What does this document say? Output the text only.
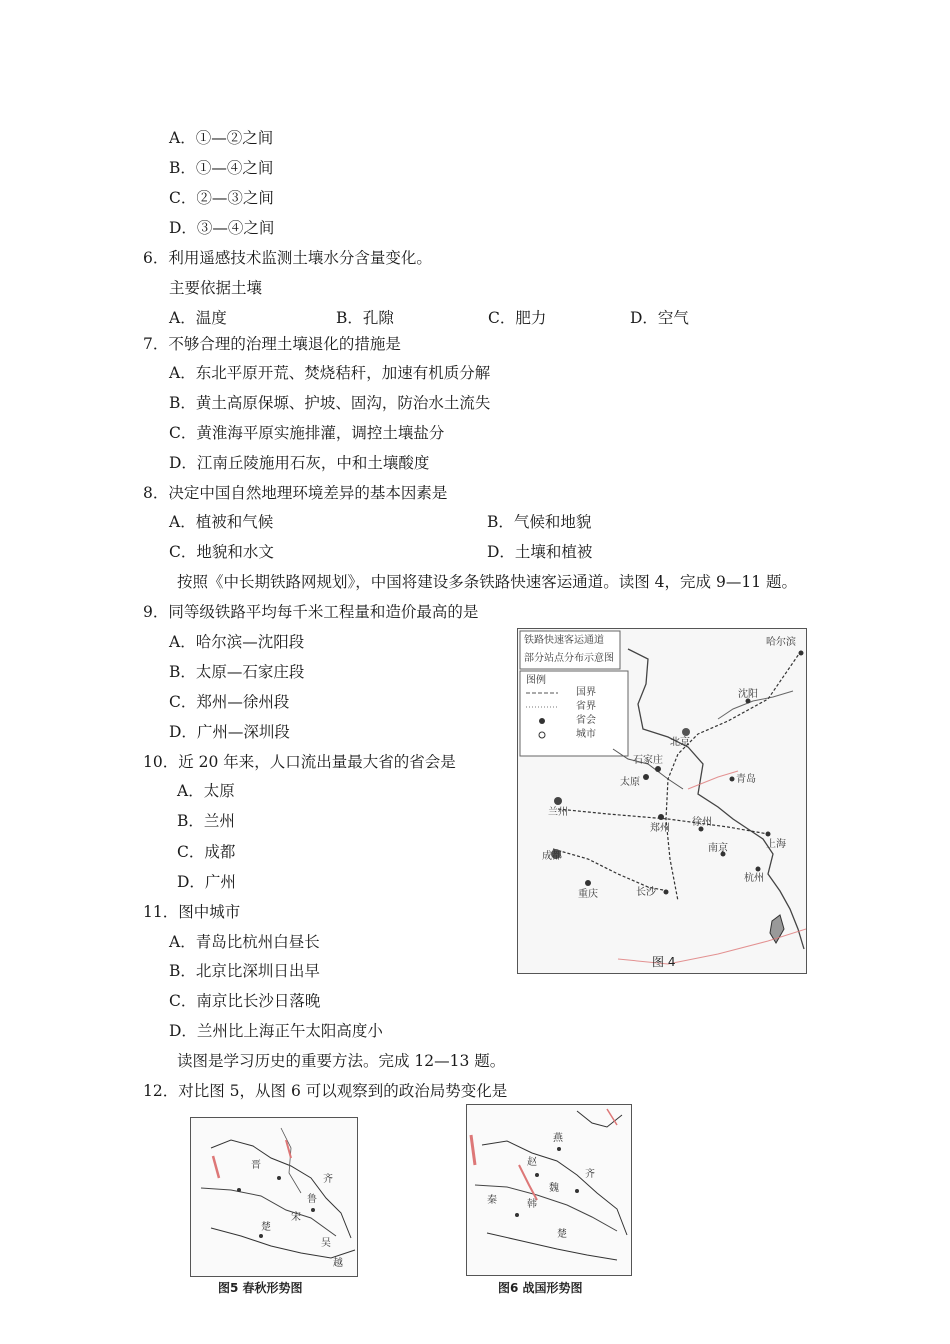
A．①—②之间
B．①—④之间
C．②—③之间
D．③—④之间
6．利用遥感技术监测土壤水分含量变化。
主要依据土壤
A．温度	B．孔隙	C．肥力	D．空气
7．不够合理的治理土壤退化的措施是
A．东北平原开荒、焚烧秸秆，加速有机质分解
B．黄土高原保塬、护坡、固沟，防治水土流失
C．黄淮海平原实施排灌，调控土壤盐分
D．江南丘陵施用石灰，中和土壤酸度
8．决定中国自然地理环境差异的基本因素是
A．植被和气候	B．气候和地貌
C．地貌和水文	D．土壤和植被
按照《中长期铁路网规划》，中国将建设多条铁路快速客运通道。读图 4，完成 9—11 题。
9．同等级铁路平均每千米工程量和造价最高的是
A．哈尔滨—沈阳段
B．太原—石家庄段
C．郑州—徐州段
D．广州—深圳段
10．近 20 年来，人口流出量最大省的省会是
A．太原
B．兰州
C．成都
D．广州
11．图中城市
A．青岛比杭州白昼长
B．北京比深圳日出早
C．南京比长沙日落晚
D．兰州比上海正午太阳高度小
读图是学习历史的重要方法。完成 12—13 题。
12．对比图 5，从图 6 可以观察到的政治局势变化是
铁路快速客运通道
部分站点分布示意图
图例
国界
省界
省会
城市
哈尔滨
沈阳
北京
石家庄
太原	青岛
兰州
郑州
徐州
南京	上海
成都
杭州
重庆	长沙
图 4
晋
齐
鲁
宋
楚
吴
越
图5 春秋形势图
燕
赵
魏
韩
齐
秦
楚
图6 战国形势图
